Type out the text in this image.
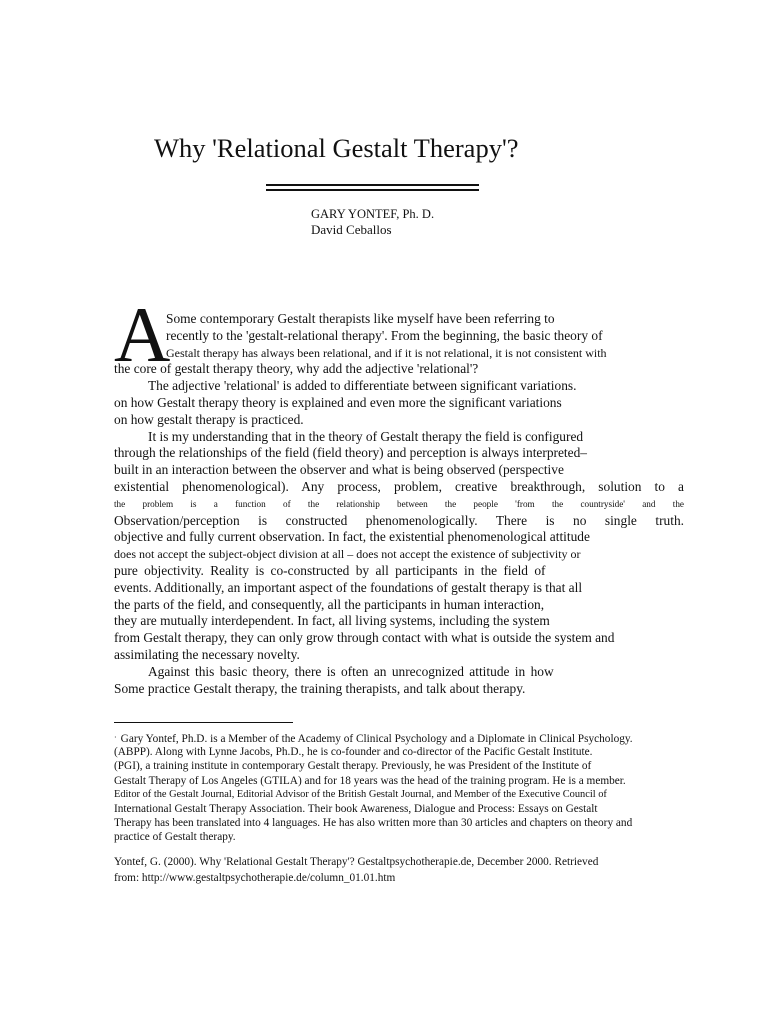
Why 'Relational Gestalt Therapy'?
GARY YONTEF, Ph. D.
David Ceballos
A
Some contemporary Gestalt therapists like myself have been referring to
recently to the 'gestalt-relational therapy'. From the beginning, the basic theory of
Gestalt therapy has always been relational, and if it is not relational, it is not consistent with
the core of gestalt therapy theory, why add the adjective 'relational'?
The adjective 'relational' is added to differentiate between significant variations.
on how Gestalt therapy theory is explained and even more the significant variations
on how gestalt therapy is practiced.
It is my understanding that in the theory of Gestalt therapy the field is configured
through the relationships of the field (field theory) and perception is always interpreted–
built in an interaction between the observer and what is being observed (perspective
existential phenomenological). Any process, problem, creative breakthrough, solution to a
the problem is a function of the relationship between the people 'from the countryside' and the
Observation/perception is constructed phenomenologically. There is no single truth.
objective and fully current observation. In fact, the existential phenomenological attitude
does not accept the subject-object division at all – does not accept the existence of subjectivity or
pure objectivity. Reality is co-constructed by all participants in the field of
events. Additionally, an important aspect of the foundations of gestalt therapy is that all
the parts of the field, and consequently, all the participants in human interaction,
they are mutually interdependent. In fact, all living systems, including the system
from Gestalt therapy, they can only grow through contact with what is outside the system and
assimilating the necessary novelty.
Against this basic theory, there is often an unrecognized attitude in how
Some practice Gestalt therapy, the training therapists, and talk about therapy.
· Gary Yontef, Ph.D. is a Member of the Academy of Clinical Psychology and a Diplomate in Clinical Psychology.
(ABPP). Along with Lynne Jacobs, Ph.D., he is co-founder and co-director of the Pacific Gestalt Institute.
(PGI), a training institute in contemporary Gestalt therapy. Previously, he was President of the Institute of
Gestalt Therapy of Los Angeles (GTILA) and for 18 years was the head of the training program. He is a member.
Editor of the Gestalt Journal, Editorial Advisor of the British Gestalt Journal, and Member of the Executive Council of
International Gestalt Therapy Association. Their book Awareness, Dialogue and Process: Essays on Gestalt
Therapy has been translated into 4 languages. He has also written more than 30 articles and chapters on theory and
practice of Gestalt therapy.
Yontef, G. (2000). Why 'Relational Gestalt Therapy'? Gestaltpsychotherapie.de, December 2000. Retrieved
from: http://www.gestaltpsychotherapie.de/column_01.01.htm
